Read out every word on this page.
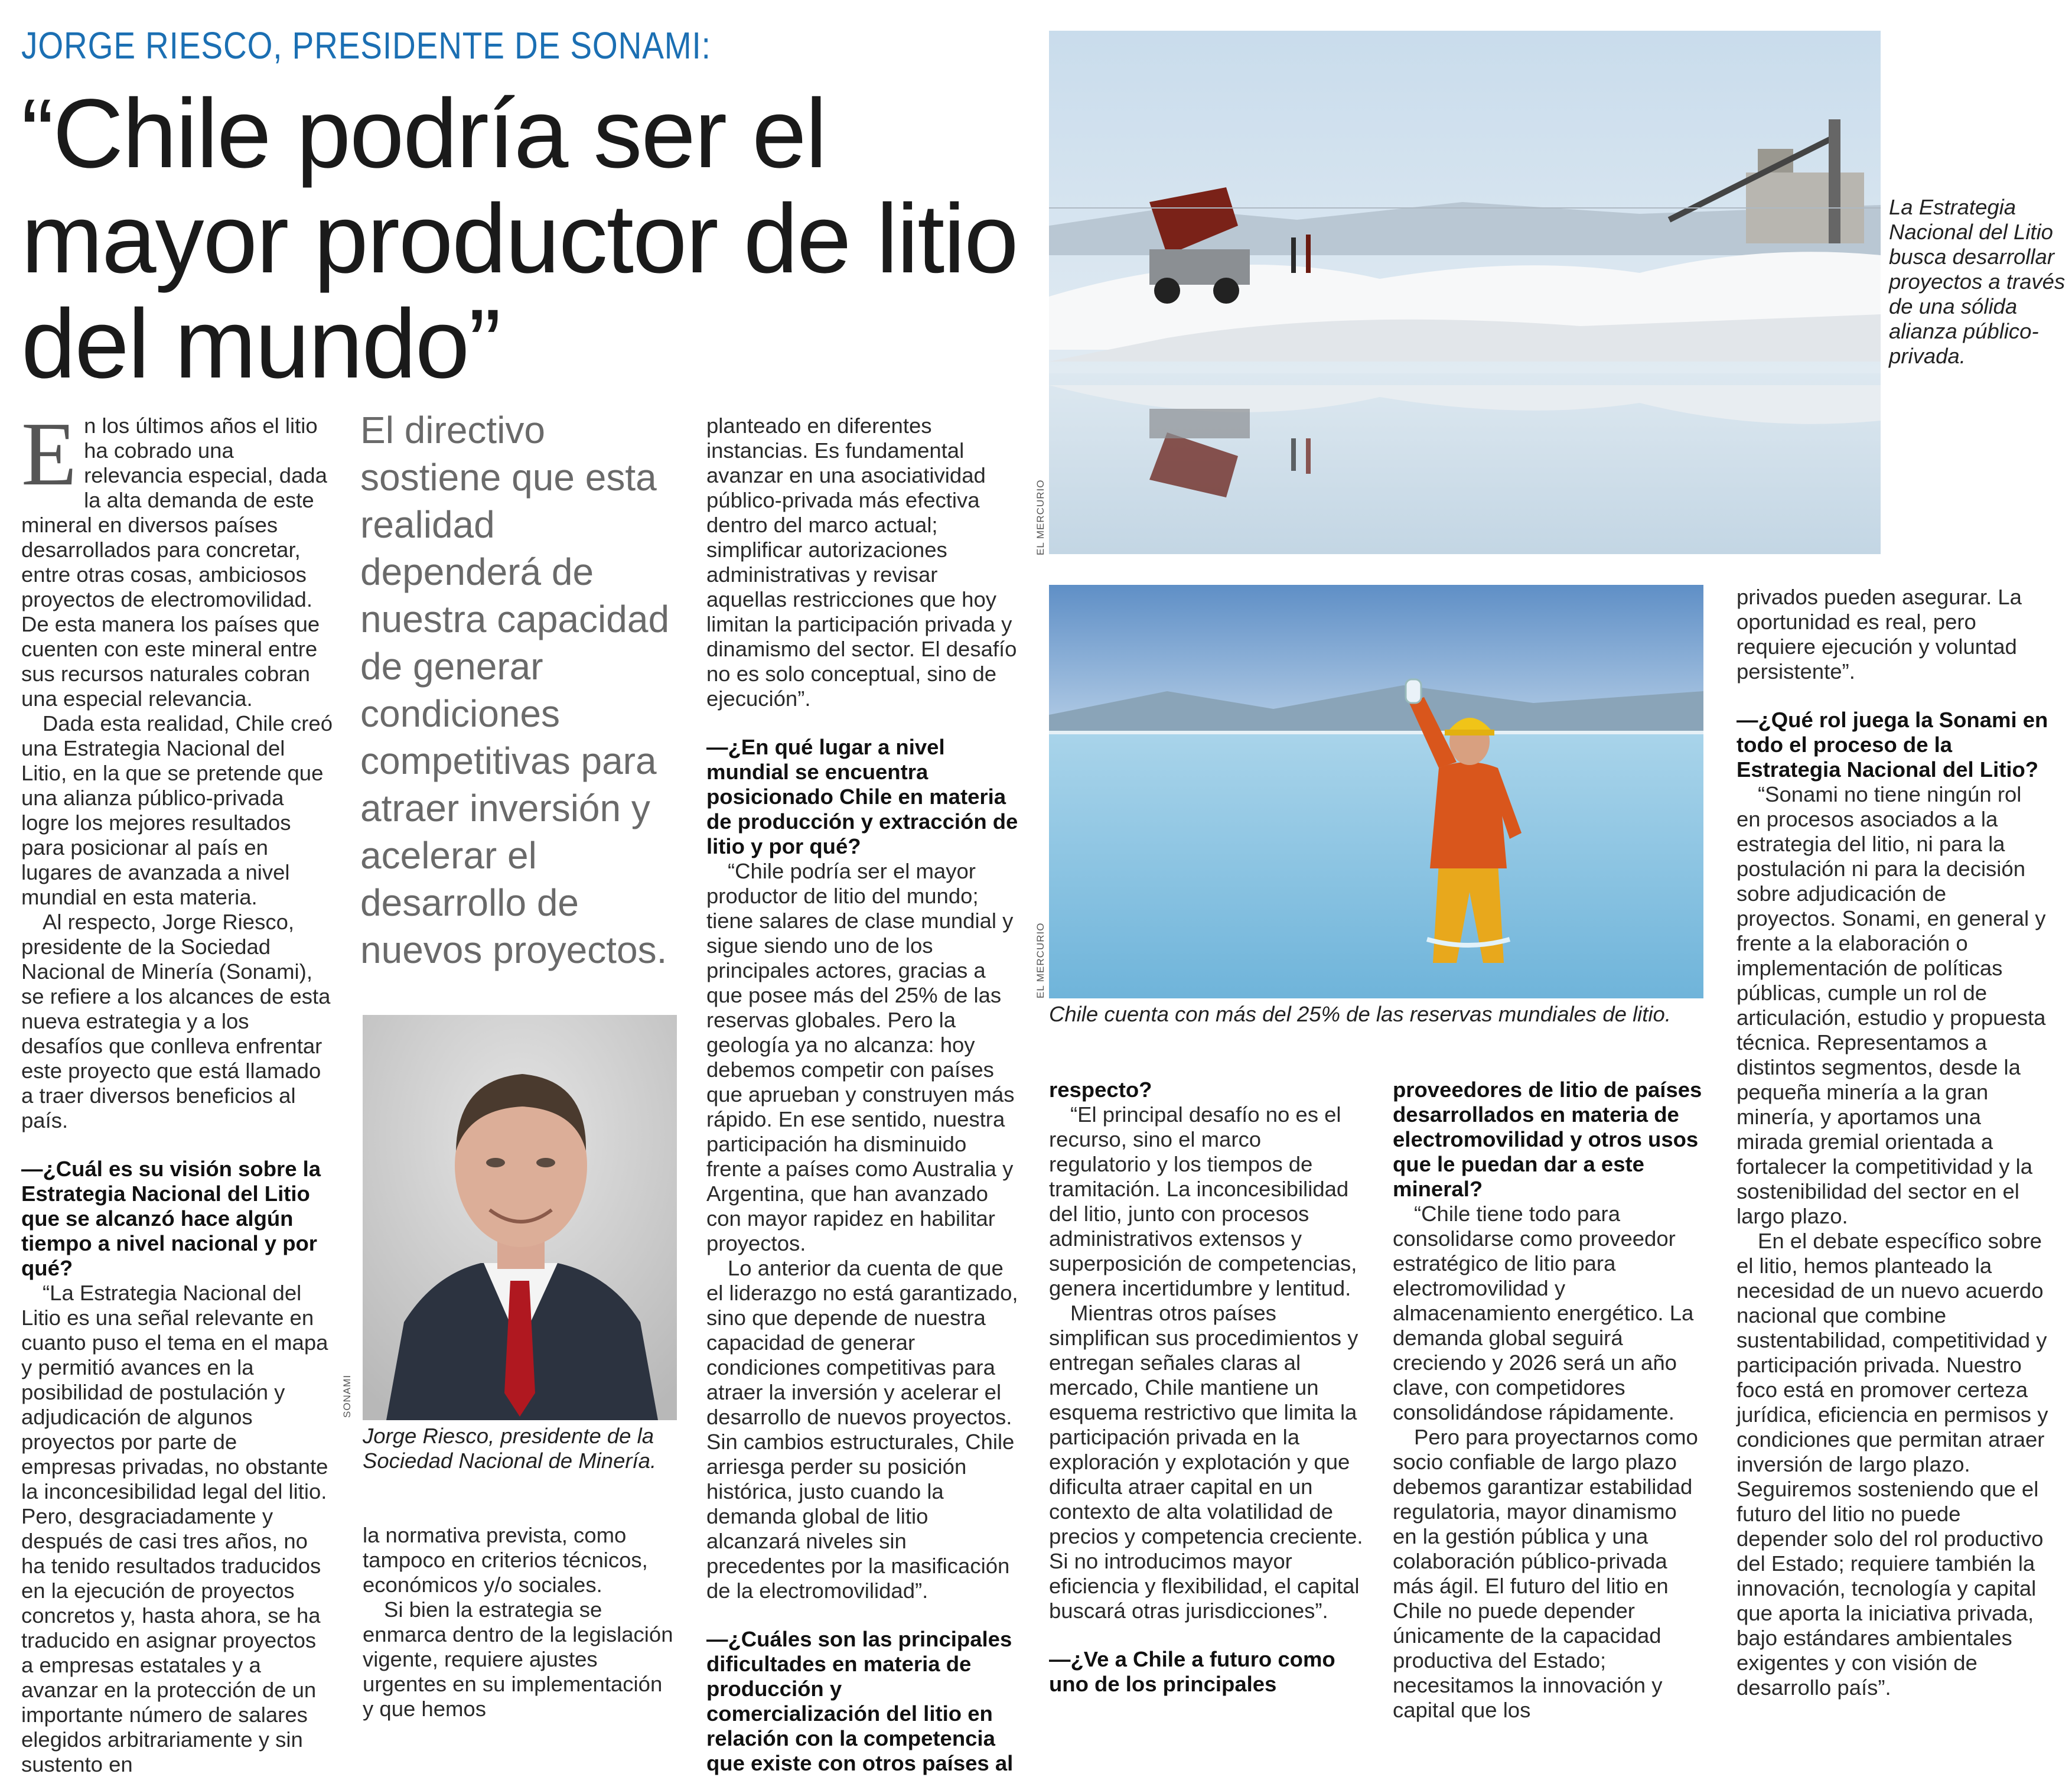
JORGE RIESCO, PRESIDENTE DE SONAMI:
“Chile podría ser el mayor productor de litio del mundo”

En los últimos años el litio ha cobrado una relevancia especial, dada la alta demanda de este mineral en diversos países desarrollados para concretar, entre otras cosas, ambiciosos proyectos de electromovilidad. De esta manera los países que cuenten con este mineral entre sus recursos naturales cobran una especial relevancia.

Dada esta realidad, Chile creó una Estrategia Nacional del Litio, en la que se pretende que una alianza público-privada logre los mejores resultados para posicionar al país en lugares de avanzada a nivel mundial en esta materia.

Al respecto, Jorge Riesco, presidente de la Sociedad Nacional de Minería (Sonami), se refiere a los alcances de esta nueva estrategia y a los desafíos que conlleva enfrentar este proyecto que está llamado a traer diversos beneficios al país.

—¿Cuál es su visión sobre la Estrategia Nacional del Litio que se alcanzó hace algún tiempo a nivel nacional y por qué?

“La Estrategia Nacional del Litio es una señal relevante en cuanto puso el tema en el mapa y permitió avances en la posibilidad de postulación y adjudicación de algunos proyectos por parte de empresas privadas, no obstante la inconcesibilidad legal del litio. Pero, desgraciadamente y después de casi tres años, no ha tenido resultados traducidos en la ejecución de proyectos concretos y, hasta ahora, se ha traducido en asignar proyectos a empresas estatales y a avanzar en la protección de un importante número de salares elegidos arbitrariamente y sin sustento en

El directivo sostiene que esta realidad dependerá de nuestra capacidad de generar condiciones competitivas para atraer inversión y acelerar el desarrollo de nuevos proyectos.
SONAMI
Jorge Riesco, presidente de la Sociedad Nacional de Minería.

la normativa prevista, como tampoco en criterios técnicos, económicos y/o sociales.

Si bien la estrategia se enmarca dentro de la legislación vigente, requiere ajustes urgentes en su implementación y que hemos

planteado en diferentes instancias. Es fundamental avanzar en una asociatividad público-privada más efectiva dentro del marco actual; simplificar autorizaciones administrativas y revisar aquellas restricciones que hoy limitan la participación privada y dinamismo del sector. El desafío no es solo conceptual, sino de ejecución”.

—¿En qué lugar a nivel mundial se encuentra posicionado Chile en materia de producción y extracción de litio y por qué?

“Chile podría ser el mayor productor de litio del mundo; tiene salares de clase mundial y sigue siendo uno de los principales actores, gracias a que posee más del 25% de las reservas globales. Pero la geología ya no alcanza: hoy debemos competir con países que aprueban y construyen más rápido. En ese sentido, nuestra participación ha disminuido frente a países como Australia y Argentina, que han avanzado con mayor rapidez en habilitar proyectos.

Lo anterior da cuenta de que el liderazgo no está garantizado, sino que depende de nuestra capacidad de generar condiciones competitivas para atraer la inversión y acelerar el desarrollo de nuevos proyectos. Sin cambios estructurales, Chile arriesga perder su posición histórica, justo cuando la demanda global de litio alcanzará niveles sin precedentes por la masificación de la electromovilidad”.

—¿Cuáles son las principales dificultades en materia de producción y comercialización del litio en relación con la competencia que existe con otros países al

EL MERCURIO
La Estrategia Nacional del Litio busca desarrollar proyectos a través de una sólida alianza público-privada.
EL MERCURIO
Chile cuenta con más del 25% de las reservas mundiales de litio.

respecto?

“El principal desafío no es el recurso, sino el marco regulatorio y los tiempos de tramitación. La inconcesibilidad del litio, junto con procesos administrativos extensos y superposición de competencias, genera incertidumbre y lentitud.

Mientras otros países simplifican sus procedimientos y entregan señales claras al mercado, Chile mantiene un esquema restrictivo que limita la participación privada en la exploración y explotación y que dificulta atraer capital en un contexto de alta volatilidad de precios y competencia creciente. Si no introducimos mayor eficiencia y flexibilidad, el capital buscará otras jurisdicciones”.

—¿Ve a Chile a futuro como uno de los principales

proveedores de litio de países desarrollados en materia de electromovilidad y otros usos que le puedan dar a este mineral?

“Chile tiene todo para consolidarse como proveedor estratégico de litio para electromovilidad y almacenamiento energético. La demanda global seguirá creciendo y 2026 será un año clave, con competidores consolidándose rápidamente.

Pero para proyectarnos como socio confiable de largo plazo debemos garantizar estabilidad regulatoria, mayor dinamismo en la gestión pública y una colaboración público-privada más ágil. El futuro del litio en Chile no puede depender únicamente de la capacidad productiva del Estado; necesitamos la innovación y capital que los

privados pueden asegurar. La oportunidad es real, pero requiere ejecución y voluntad persistente”.

—¿Qué rol juega la Sonami en todo el proceso de la Estrategia Nacional del Litio?

“Sonami no tiene ningún rol en procesos asociados a la estrategia del litio, ni para la postulación ni para la decisión sobre adjudicación de proyectos. Sonami, en general y frente a la elaboración o implementación de políticas públicas, cumple un rol de articulación, estudio y propuesta técnica. Representamos a distintos segmentos, desde la pequeña minería a la gran minería, y aportamos una mirada gremial orientada a fortalecer la competitividad y la sostenibilidad del sector en el largo plazo.

En el debate específico sobre el litio, hemos planteado la necesidad de un nuevo acuerdo nacional que combine sustentabilidad, competitividad y participación privada. Nuestro foco está en promover certeza jurídica, eficiencia en permisos y condiciones que permitan atraer inversión de largo plazo. Seguiremos sosteniendo que el futuro del litio no puede depender solo del rol productivo del Estado; requiere también la innovación, tecnología y capital que aporta la iniciativa privada, bajo estándares ambientales exigentes y con visión de desarrollo país”.
